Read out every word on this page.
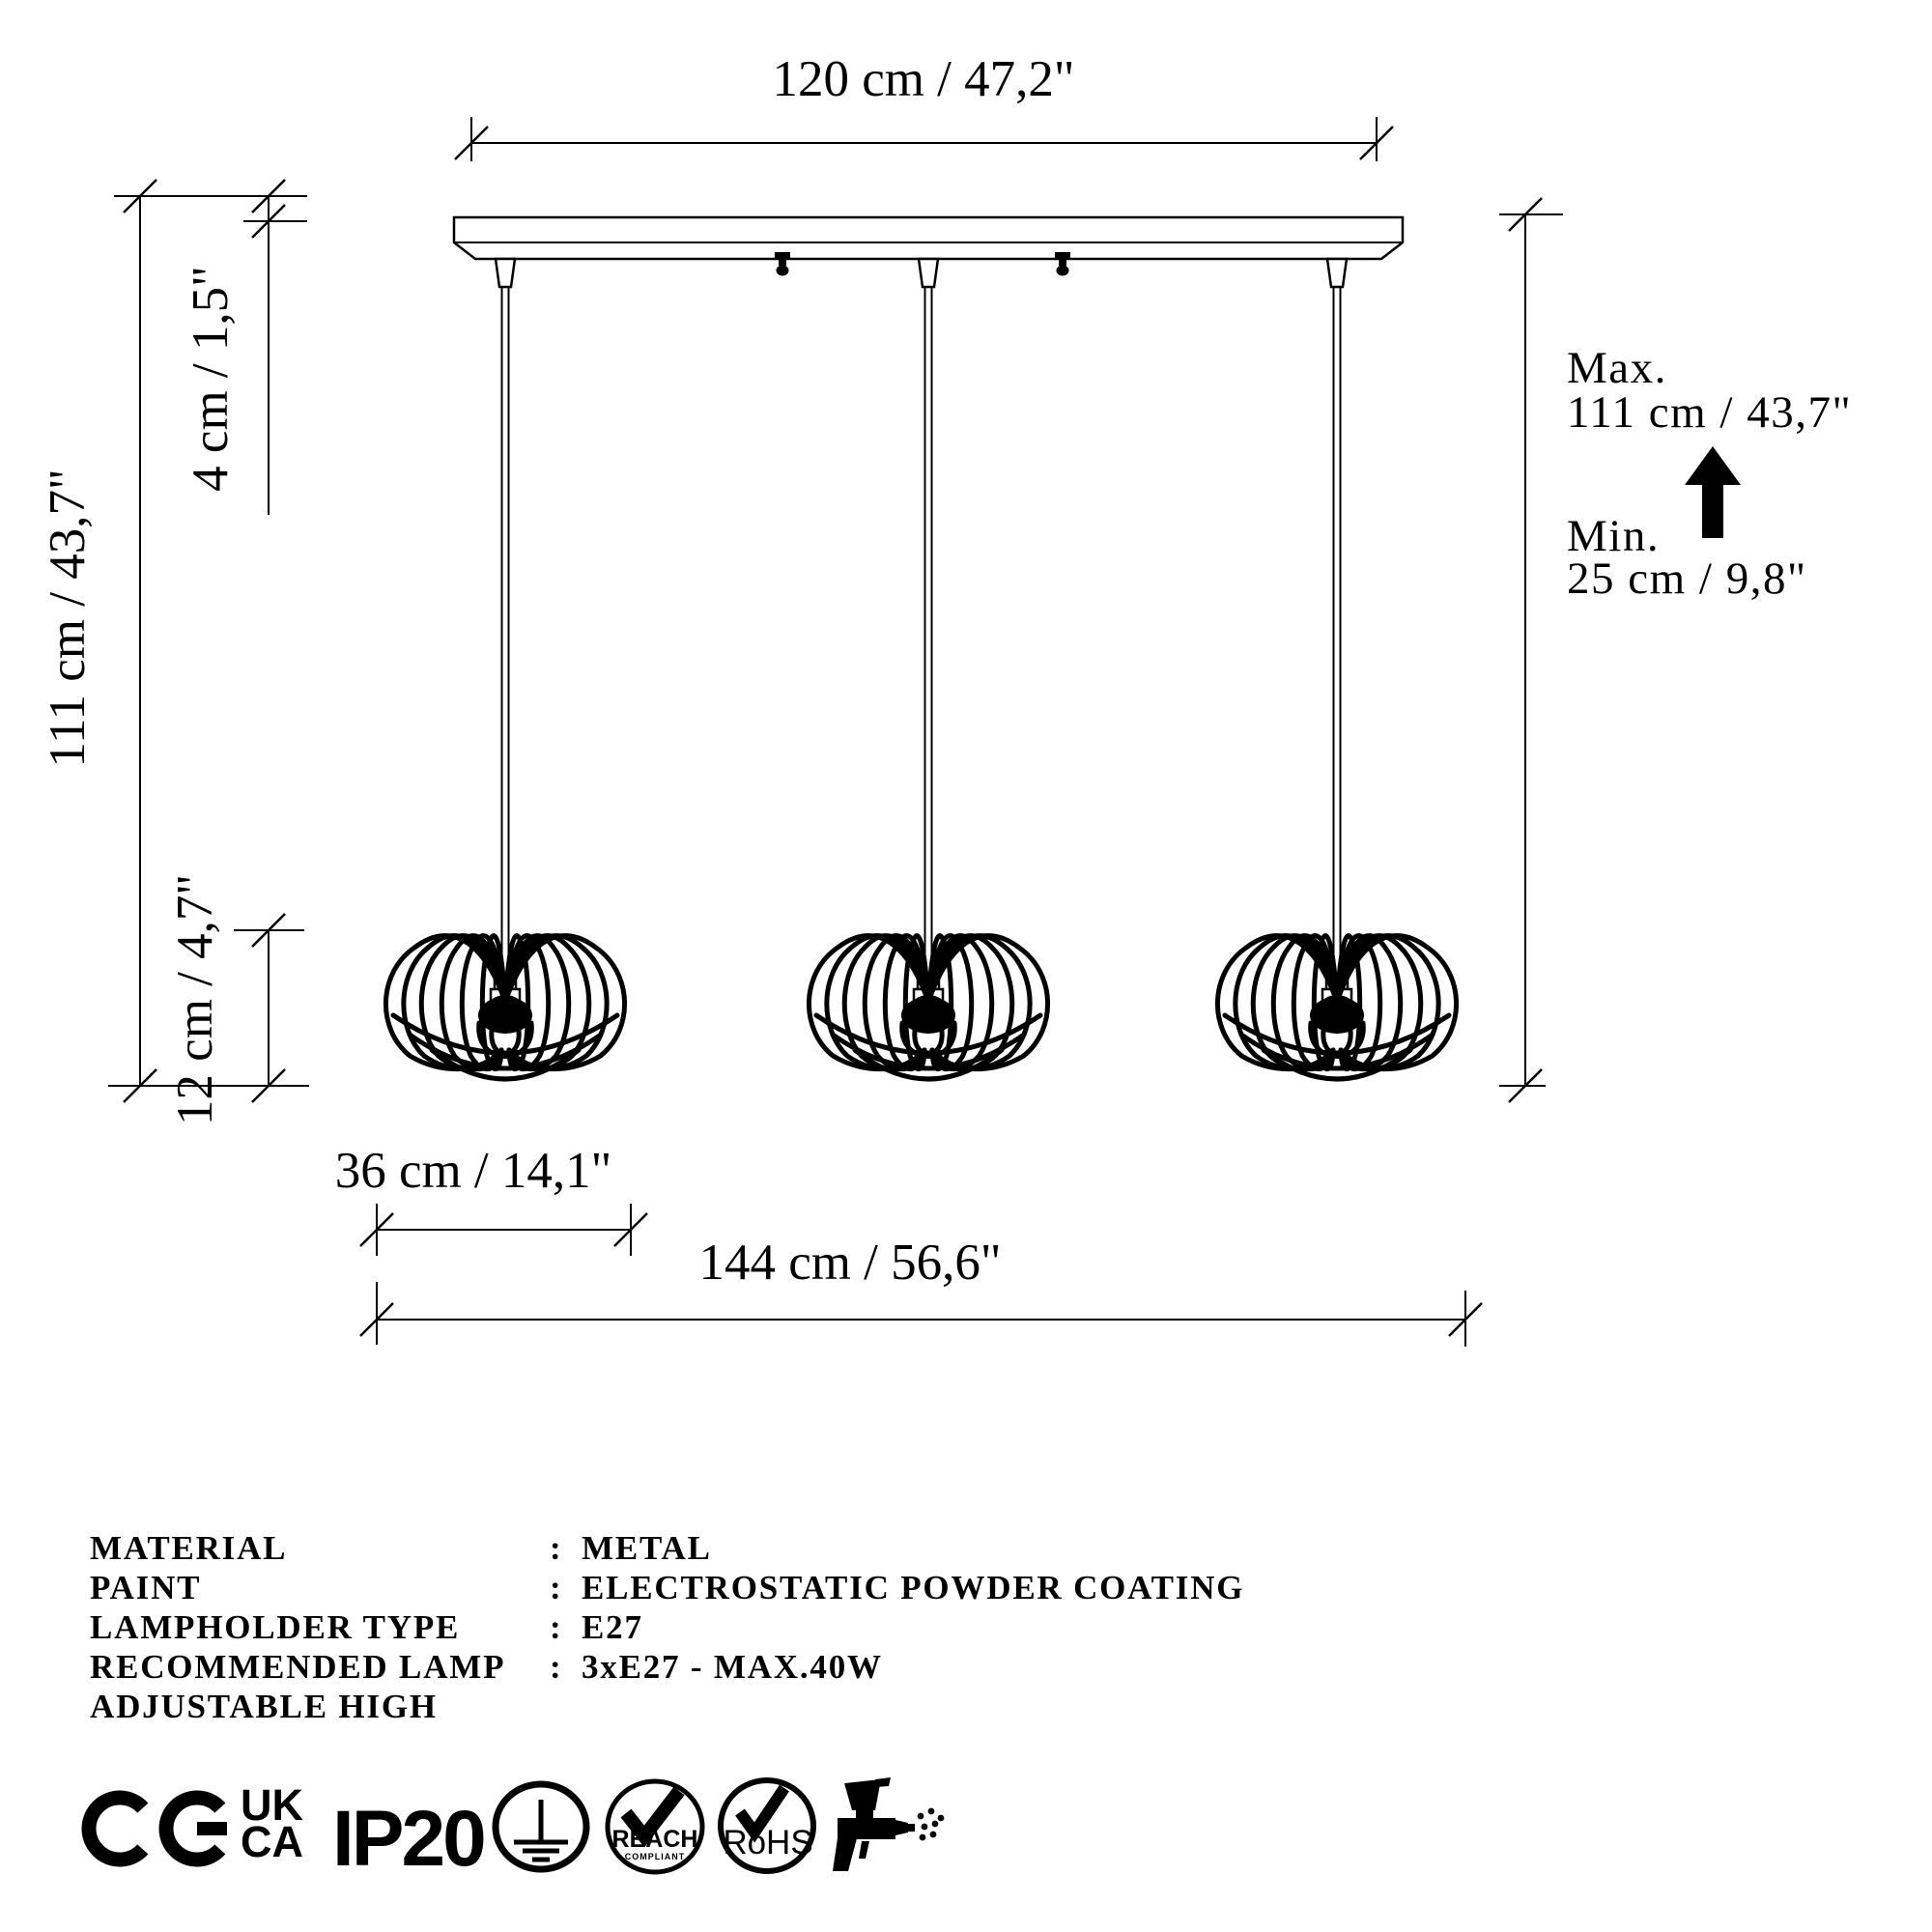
120 cm / 47,2"
111 cm / 43,7"
4 cm / 1,5"
12 cm / 4,7"
36 cm / 14,1"
144 cm / 56,6"
Max.
111 cm / 43,7"
Min.
25 cm / 9,8"
MATERIAL	: METAL
PAINT	: ELECTROSTATIC POWDER COATING
LAMPHOLDER TYPE	: E27
RECOMMENDED LAMP	: 3xE27 - MAX.40W
ADJUSTABLE HIGH
UK
CA IP20	REACH
COMPLIANT	RoHS
